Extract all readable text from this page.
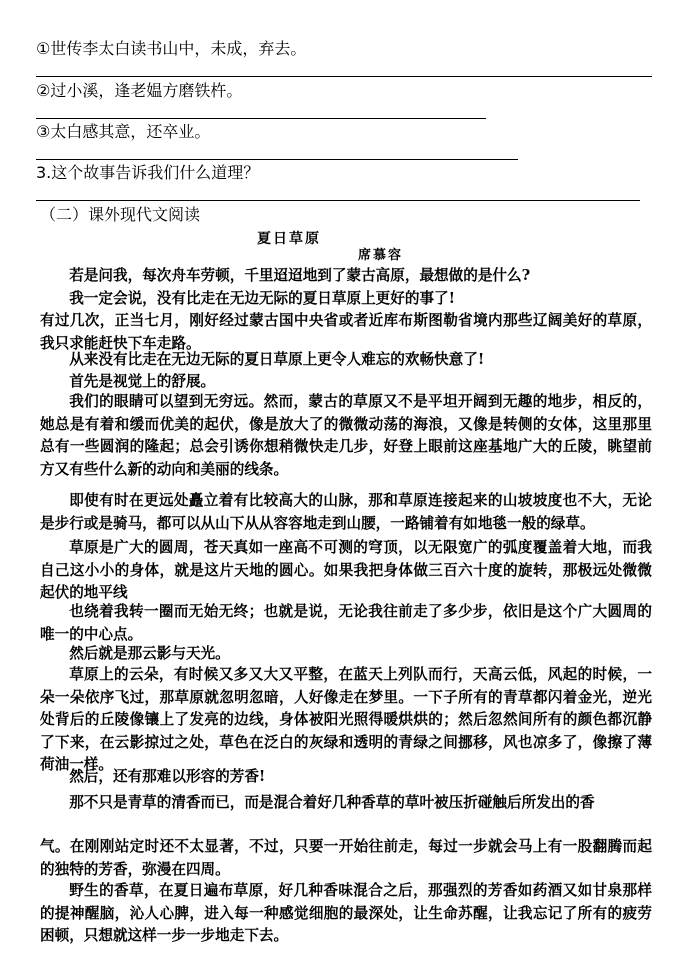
①世传李太白读书山中，未成，弃去。
②过小溪，逢老媪方磨铁杵。
③太白感其意，还卒业。
3.这个故事告诉我们什么道理？
（二）课外现代文阅读
夏日草原
席慕容

若是问我，每次舟车劳顿，千里迢迢地到了蒙古高原，最想做的是什么?

我一定会说，没有比走在无边无际的夏日草原上更好的事了!

有过几次，正当七月，刚好经过蒙古国中央省或者近库布斯图勒省境内那些辽阔美好的草原，我只求能赶快下车走路。

从来没有比走在无边无际的夏日草原上更令人难忘的欢畅快意了!

首先是视觉上的舒展。

我们的眼睛可以望到无穷远。然而，蒙古的草原又不是平坦开阔到无趣的地步，相反的，她总是有着和缓而优美的起伏，像是放大了的微微动荡的海浪，又像是转侧的女体，这里那里总有一些圆润的隆起；总会引诱你想稍微快走几步，好登上眼前这座基地广大的丘陵，眺望前方又有些什么新的动向和美丽的线条。

即使有时在更远处矗立着有比较高大的山脉，那和草原连接起来的山坡坡度也不大，无论是步行或是骑马，都可以从山下从从容容地走到山腰，一路铺着有如地毯一般的绿草。

草原是广大的圆周，苍天真如一座高不可测的穹顶，以无限宽广的弧度覆盖着大地，而我自己这小小的身体，就是这片天地的圆心。如果我把身体做三百六十度的旋转，那极远处微微起伏的地平线

也绕着我转一圈而无始无终；也就是说，无论我往前走了多少步，依旧是这个广大圆周的唯一的中心点。

然后就是那云影与天光。

草原上的云朵，有时候又多又大又平整，在蓝天上列队而行，天高云低，风起的时候，一朵一朵依序飞过，那草原就忽明忽暗，人好像走在梦里。一下子所有的青草都闪着金光，逆光处背后的丘陵像镶上了发亮的边线，身体被阳光照得暖烘烘的；然后忽然间所有的颜色都沉静了下来，在云影掠过之处，草色在泛白的灰绿和透明的青绿之间挪移，风也凉多了，像擦了薄荷油一样。

然后，还有那难以形容的芳香!

那不只是青草的清香而已，而是混合着好几种香草的草叶被压折碰触后所发出的香

气。在刚刚站定时还不太显著，不过，只要一开始往前走，每过一步就会马上有一股翻腾而起的独特的芳香，弥漫在四周。

野生的香草，在夏日遍布草原，好几种香味混合之后，那强烈的芳香如药酒又如甘泉那样的提神醒脑，沁人心脾，进入每一种感觉细胞的最深处，让生命苏醒，让我忘记了所有的疲劳困顿，只想就这样一步一步地走下去。
